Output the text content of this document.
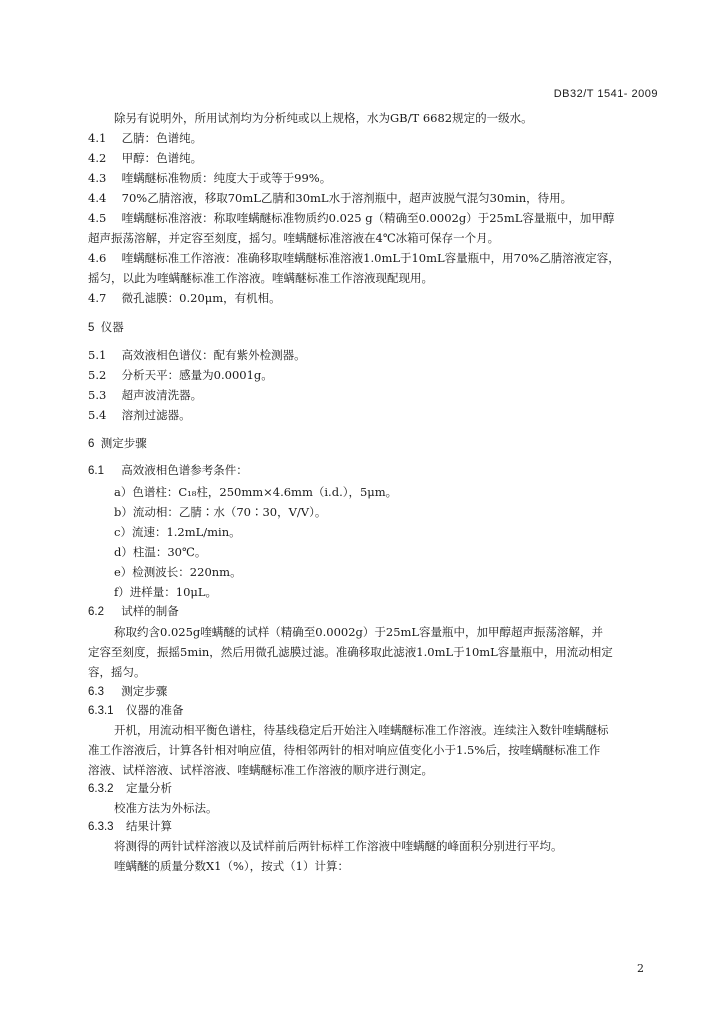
DB32/T 1541- 2009
除另有说明外，所用试剂均为分析纯或以上规格，水为GB/T 6682规定的一级水。
4.1 乙腈：色谱纯。
4.2 甲醇：色谱纯。
4.3 喹螨醚标准物质：纯度大于或等于99%。
4.4 70%乙腈溶液，移取70mL乙腈和30mL水于溶剂瓶中，超声波脱气混匀30min，待用。
4.5 喹螨醚标准溶液：称取喹螨醚标准物质约0.025 g（精确至0.0002g）于25mL容量瓶中，加甲醇
超声振荡溶解，并定容至刻度，摇匀。喹螨醚标准溶液在4℃冰箱可保存一个月。
4.6 喹螨醚标准工作溶液：准确移取喹螨醚标准溶液1.0mL于10mL容量瓶中，用70%乙腈溶液定容，
摇匀，以此为喹螨醚标准工作溶液。喹螨醚标准工作溶液现配现用。
4.7 微孔滤膜：0.20μm，有机相。
5 仪器
5.1 高效液相色谱仪：配有紫外检测器。
5.2 分析天平：感量为0.0001g。
5.3 超声波清洗器。
5.4 溶剂过滤器。
6 测定步骤
6.1 高效液相色谱参考条件：
a）色谱柱：C₁₈柱，250mm×4.6mm（i.d.），5μm。
b）流动相：乙腈∶水（70∶30，V/V）。
c）流速：1.2mL/min。
d）柱温：30℃。
e）检测波长：220nm。
f）进样量：10μL。
6.2 试样的制备
称取约含0.025g喹螨醚的试样（精确至0.0002g）于25mL容量瓶中，加甲醇超声振荡溶解，并
定容至刻度，振摇5min，然后用微孔滤膜过滤。准确移取此滤液1.0mL于10mL容量瓶中，用流动相定
容，摇匀。
6.3 测定步骤
6.3.1 仪器的准备
开机，用流动相平衡色谱柱，待基线稳定后开始注入喹螨醚标准工作溶液。连续注入数针喹螨醚标
准工作溶液后，计算各针相对响应值，待相邻两针的相对响应值变化小于1.5%后，按喹螨醚标准工作
溶液、试样溶液、试样溶液、喹螨醚标准工作溶液的顺序进行测定。
6.3.2 定量分析
校准方法为外标法。
6.3.3 结果计算
将测得的两针试样溶液以及试样前后两针标样工作溶液中喹螨醚的峰面积分别进行平均。
喹螨醚的质量分数X1（%），按式（1）计算：
2
